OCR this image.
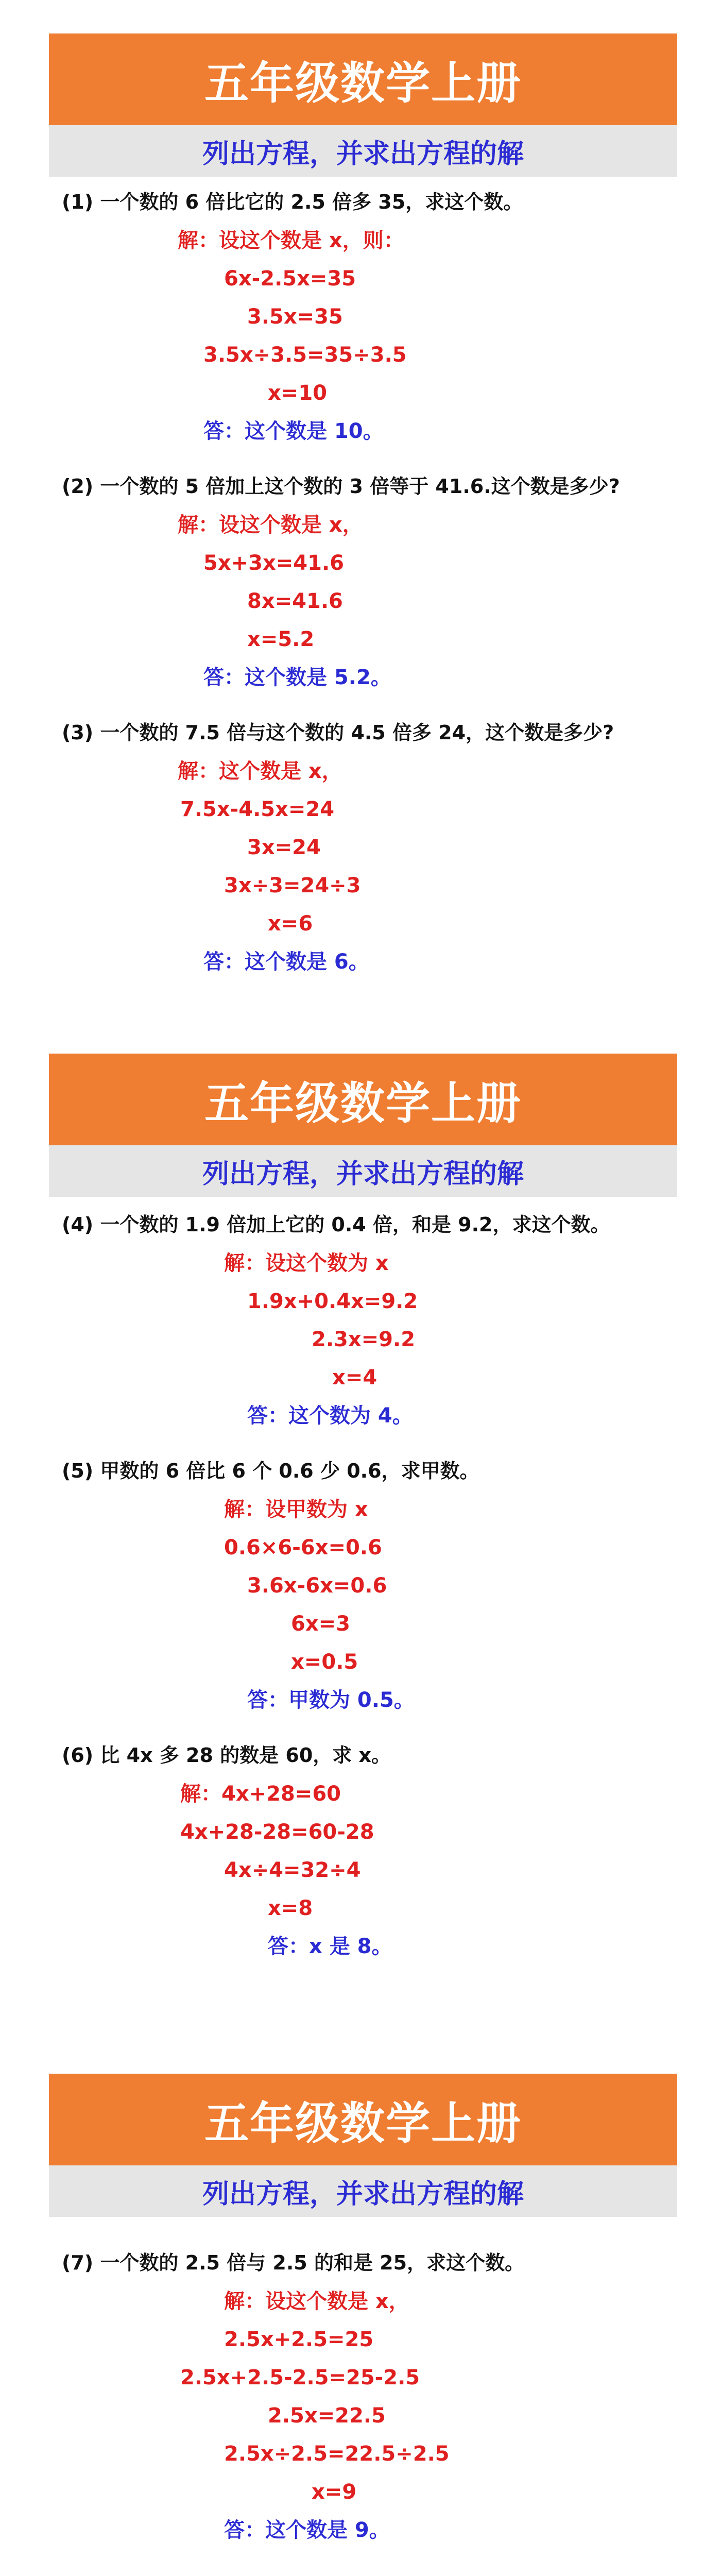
五年级数学上册
列出方程，并求出方程的解
(1) 一个数的 6 倍比它的 2.5 倍多 35，求这个数。
解：设这个数是 x，则：
6x-2.5x=35
3.5x=35
3.5x÷3.5=35÷3.5
x=10
答：这个数是 10。
(2) 一个数的 5 倍加上这个数的 3 倍等于 41.6.这个数是多少?
解：设这个数是 x，
5x+3x=41.6
8x=41.6
x=5.2
答：这个数是 5.2。
(3) 一个数的 7.5 倍与这个数的 4.5 倍多 24，这个数是多少?
解：这个数是 x，
7.5x-4.5x=24
3x=24
3x÷3=24÷3
x=6
答：这个数是 6。
五年级数学上册
列出方程，并求出方程的解
(4) 一个数的 1.9 倍加上它的 0.4 倍，和是 9.2，求这个数。
解：设这个数为 x
1.9x+0.4x=9.2
2.3x=9.2
x=4
答：这个数为 4。
(5) 甲数的 6 倍比 6 个 0.6 少 0.6，求甲数。
解：设甲数为 x
0.6×6-6x=0.6
3.6x-6x=0.6
6x=3
x=0.5
答：甲数为 0.5。
(6) 比 4x 多 28 的数是 60，求 x。
解：4x+28=60
4x+28-28=60-28
4x÷4=32÷4
x=8
答：x 是 8。
五年级数学上册
列出方程，并求出方程的解
(7) 一个数的 2.5 倍与 2.5 的和是 25，求这个数。
解：设这个数是 x，
2.5x+2.5=25
2.5x+2.5-2.5=25-2.5
2.5x=22.5
2.5x÷2.5=22.5÷2.5
x=9
答：这个数是 9。
